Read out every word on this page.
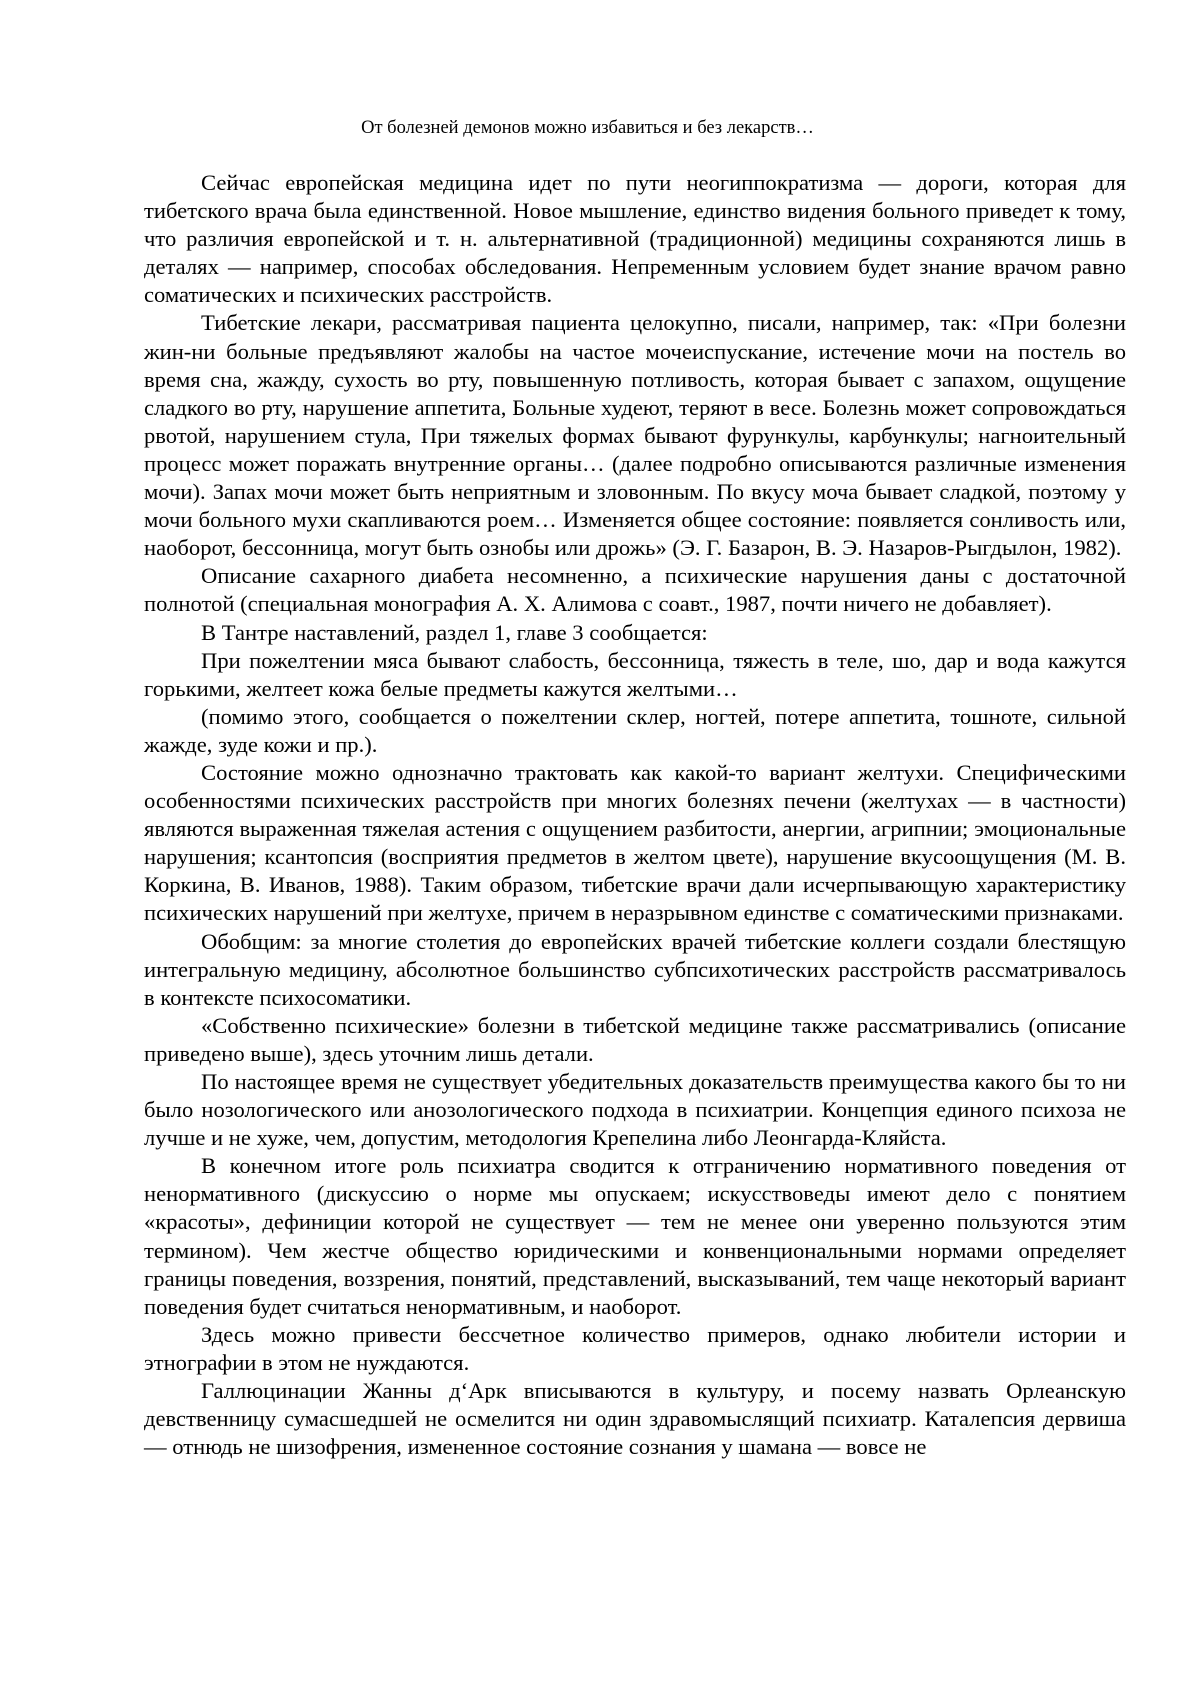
От болезней демонов можно избавиться и без лекарств…

Сейчас европейская медицина идет по пути неогиппократизма — дороги, которая для тибетского врача была единственной. Новое мышление, единство видения больного приведет к тому, что различия европейской и т. н. альтернативной (традиционной) медицины сохраняются лишь в деталях — например, способах обследования. Непременным условием будет знание врачом равно соматических и психических расстройств.

Тибетские лекари, рассматривая пациента целокупно, писали, например, так: «При болезни жин-ни больные предъявляют жалобы на частое мочеиспускание, истечение мочи на постель во время сна, жажду, сухость во рту, повышенную потливость, которая бывает с запахом, ощущение сладкого во рту, нарушение аппетита, Больные худеют, теряют в весе. Болезнь может сопровождаться рвотой, нарушением стула, При тяжелых формах бывают фурункулы, карбункулы; нагноительный процесс может поражать внутренние органы… (далее подробно описываются различные изменения мочи). Запах мочи может быть неприятным и зловонным. По вкусу моча бывает сладкой, поэтому у мочи больного мухи скапливаются роем… Изменяется общее состояние: появляется сонливость или, наоборот, бессонница, могут быть ознобы или дрожь» (Э. Г. Базарон, В. Э. Назаров-Рыгдылон, 1982).

Описание сахарного диабета несомненно, а психические нарушения даны с достаточной полнотой (специальная монография А. Х. Алимова с соавт., 1987, почти ничего не добавляет).

В Тантре наставлений, раздел 1, главе 3 сообщается:

При пожелтении мяса бывают слабость, бессонница, тяжесть в теле, шо, дар и вода кажутся горькими, желтеет кожа белые предметы кажутся желтыми…

(помимо этого, сообщается о пожелтении склер, ногтей, потере аппетита, тошноте, сильной жажде, зуде кожи и пр.).

Состояние можно однозначно трактовать как какой-то вариант желтухи. Специфическими особенностями психических расстройств при многих болезнях печени (желтухах — в частности) являются выраженная тяжелая астения с ощущением разбитости, анергии, агрипнии; эмоциональные нарушения; ксантопсия (восприятия предметов в желтом цвете), нарушение вкусоощущения (М. В. Коркина, В. Иванов, 1988). Таким образом, тибетские врачи дали исчерпывающую характеристику психических нарушений при желтухе, причем в неразрывном единстве с соматическими признаками.

Обобщим: за многие столетия до европейских врачей тибетские коллеги создали блестящую интегральную медицину, абсолютное большинство субпсихотических расстройств рассматривалось в контексте психосоматики.

«Собственно психические» болезни в тибетской медицине также рассматривались (описание приведено выше), здесь уточним лишь детали.

По настоящее время не существует убедительных доказательств преимущества какого бы то ни было нозологического или анозологического подхода в психиатрии. Концепция единого психоза не лучше и не хуже, чем, допустим, методология Крепелина либо Леонгарда-Кляйста.

В конечном итоге роль психиатра сводится к отграничению нормативного поведения от ненормативного (дискуссию о норме мы опускаем; искусствоведы имеют дело с понятием «красоты», дефиниции которой не существует — тем не менее они уверенно пользуются этим термином). Чем жестче общество юридическими и конвенциональными нормами определяет границы поведения, воззрения, понятий, представлений, высказываний, тем чаще некоторый вариант поведения будет считаться ненормативным, и наоборот.

Здесь можно привести бессчетное количество примеров, однако любители истории и этнографии в этом не нуждаются.

Галлюцинации Жанны д‘Арк вписываются в культуру, и посему назвать Орлеанскую девственницу сумасшедшей не осмелится ни один здравомыслящий психиатр. Каталепсия дервиша — отнюдь не шизофрения, измененное состояние сознания у шамана — вовсе не
